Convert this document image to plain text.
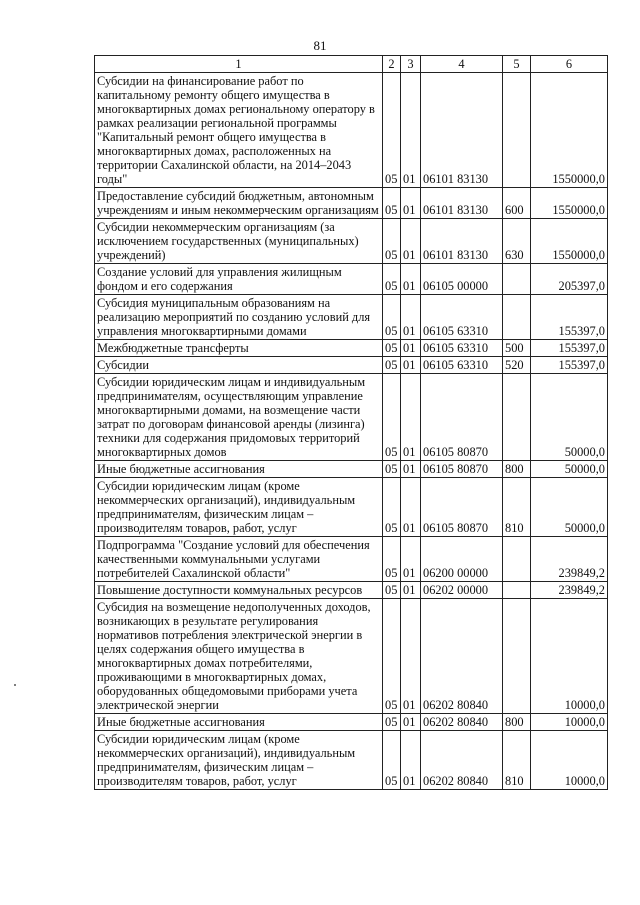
81
1	2	3	4	5	6
Субсидии на финансирование работ по капитальному ремонту общего имущества в многоквартирных домах региональному оператору в рамках реализации региональной программы "Капитальный ремонт общего имущества в многоквартирных домах, расположенных на территории Сахалинской области, на 2014–2043 годы"	05	01	06101 83130		1550000,0
Предоставление субсидий бюджетным, автономным учреждениям и иным некоммерческим организациям	05	01	06101 83130	600	1550000,0
Субсидии некоммерческим организациям (за исключением государственных (муниципальных) учреждений)	05	01	06101 83130	630	1550000,0
Создание условий для управления жилищным фондом и его содержания	05	01	06105 00000		205397,0
Субсидия муниципальным образованиям на реализацию мероприятий по созданию условий для управления многоквартирными домами	05	01	06105 63310		155397,0
Межбюджетные трансферты	05	01	06105 63310	500	155397,0
Субсидии	05	01	06105 63310	520	155397,0
Субсидии юридическим лицам и индивидуальным предпринимателям, осуществляющим управление многоквартирными домами, на возмещение части затрат по договорам финансовой аренды (лизинга) техники для содержания придомовых территорий многоквартирных домов	05	01	06105 80870		50000,0
Иные бюджетные ассигнования	05	01	06105 80870	800	50000,0
Субсидии юридическим лицам (кроме некоммерческих организаций), индивидуальным предпринимателям, физическим лицам – производителям товаров, работ, услуг	05	01	06105 80870	810	50000,0
Подпрограмма "Создание условий для обеспечения качественными коммунальными услугами потребителей Сахалинской области"	05	01	06200 00000		239849,2
Повышение доступности коммунальных ресурсов	05	01	06202 00000		239849,2
Субсидия на возмещение недополученных доходов, возникающих в результате регулирования нормативов потребления электрической энергии в целях содержания общего имущества в многоквартирных домах потребителями, проживающими в многоквартирных домах, оборудованных общедомовыми приборами учета электрической энергии	05	01	06202 80840		10000,0
Иные бюджетные ассигнования	05	01	06202 80840	800	10000,0
Субсидии юридическим лицам (кроме некоммерческих организаций), индивидуальным предпринимателям, физическим лицам – производителям товаров, работ, услуг	05	01	06202 80840	810	10000,0
